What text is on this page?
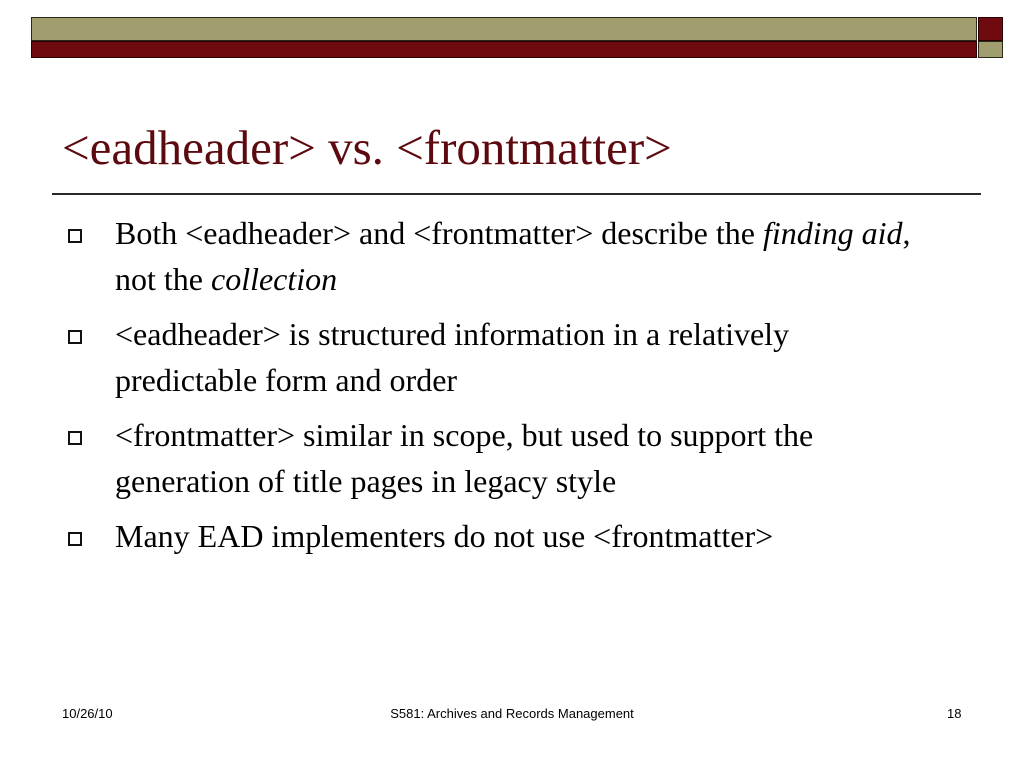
<eadheader> vs. <frontmatter>
Both <eadheader> and <frontmatter> describe the finding aid, not the collection
<eadheader> is structured information in a relatively predictable form and order
<frontmatter> similar in scope, but used to support the generation of title pages in legacy style
Many EAD implementers do not use <frontmatter>
10/26/10	S581: Archives and Records Management	18
